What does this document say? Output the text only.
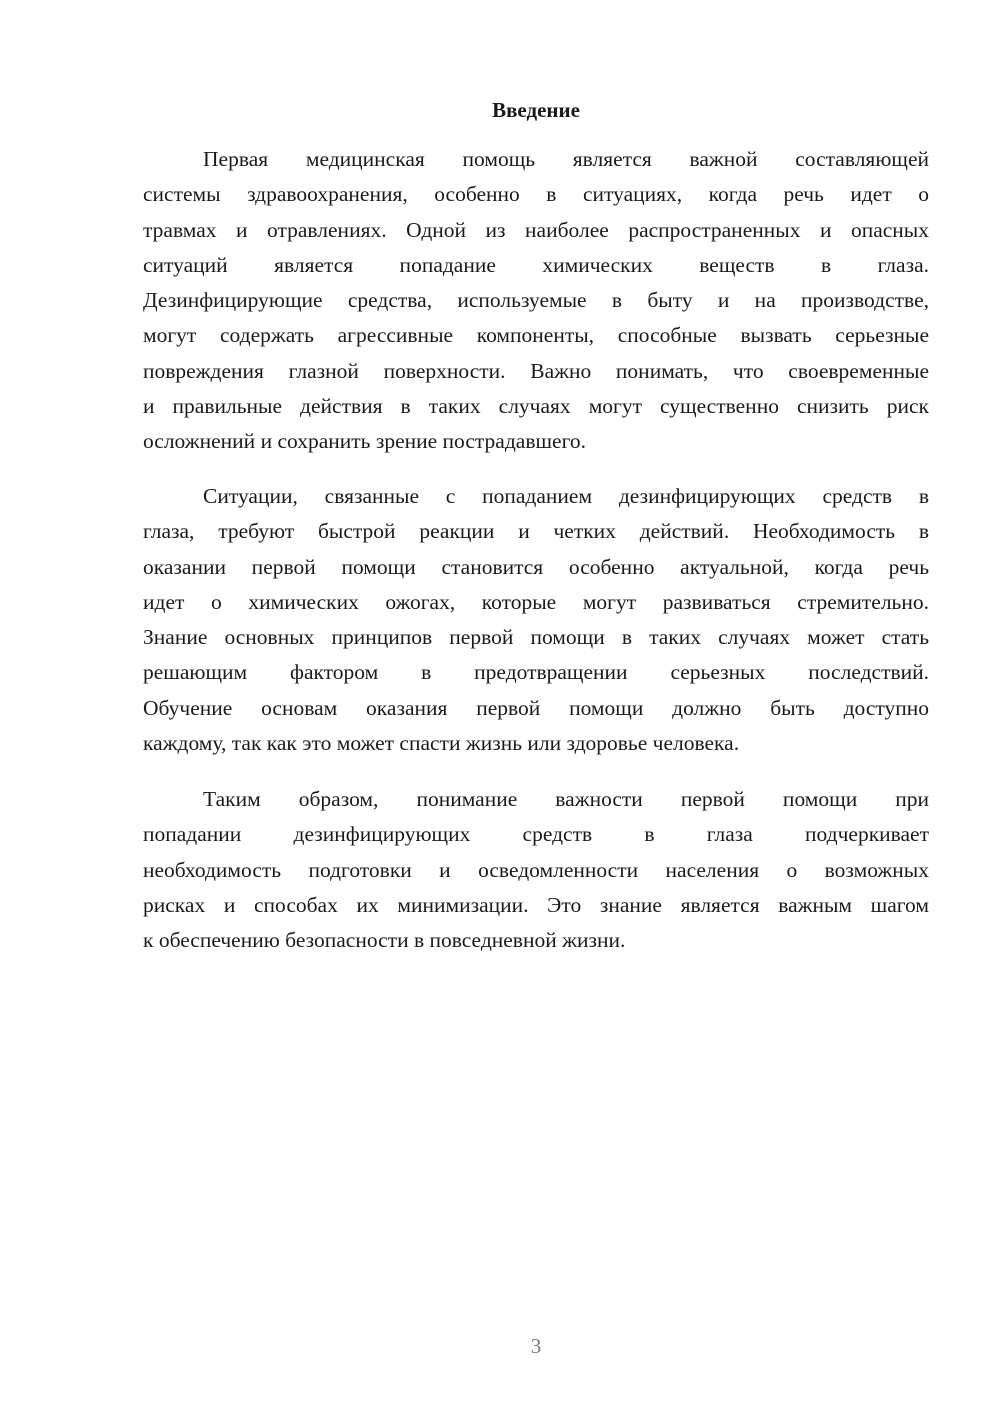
Введение
Первая медицинская помощь является важной составляющей
системы здравоохранения, особенно в ситуациях, когда речь идет о
травмах и отравлениях. Одной из наиболее распространенных и опасных
ситуаций является попадание химических веществ в глаза.
Дезинфицирующие средства, используемые в быту и на производстве,
могут содержать агрессивные компоненты, способные вызвать серьезные
повреждения глазной поверхности. Важно понимать, что своевременные
и правильные действия в таких случаях могут существенно снизить риск
осложнений и сохранить зрение пострадавшего.
Ситуации, связанные с попаданием дезинфицирующих средств в
глаза, требуют быстрой реакции и четких действий. Необходимость в
оказании первой помощи становится особенно актуальной, когда речь
идет о химических ожогах, которые могут развиваться стремительно.
Знание основных принципов первой помощи в таких случаях может стать
решающим фактором в предотвращении серьезных последствий.
Обучение основам оказания первой помощи должно быть доступно
каждому, так как это может спасти жизнь или здоровье человека.
Таким образом, понимание важности первой помощи при
попадании дезинфицирующих средств в глаза подчеркивает
необходимость подготовки и осведомленности населения о возможных
рисках и способах их минимизации. Это знание является важным шагом
к обеспечению безопасности в повседневной жизни.
3
